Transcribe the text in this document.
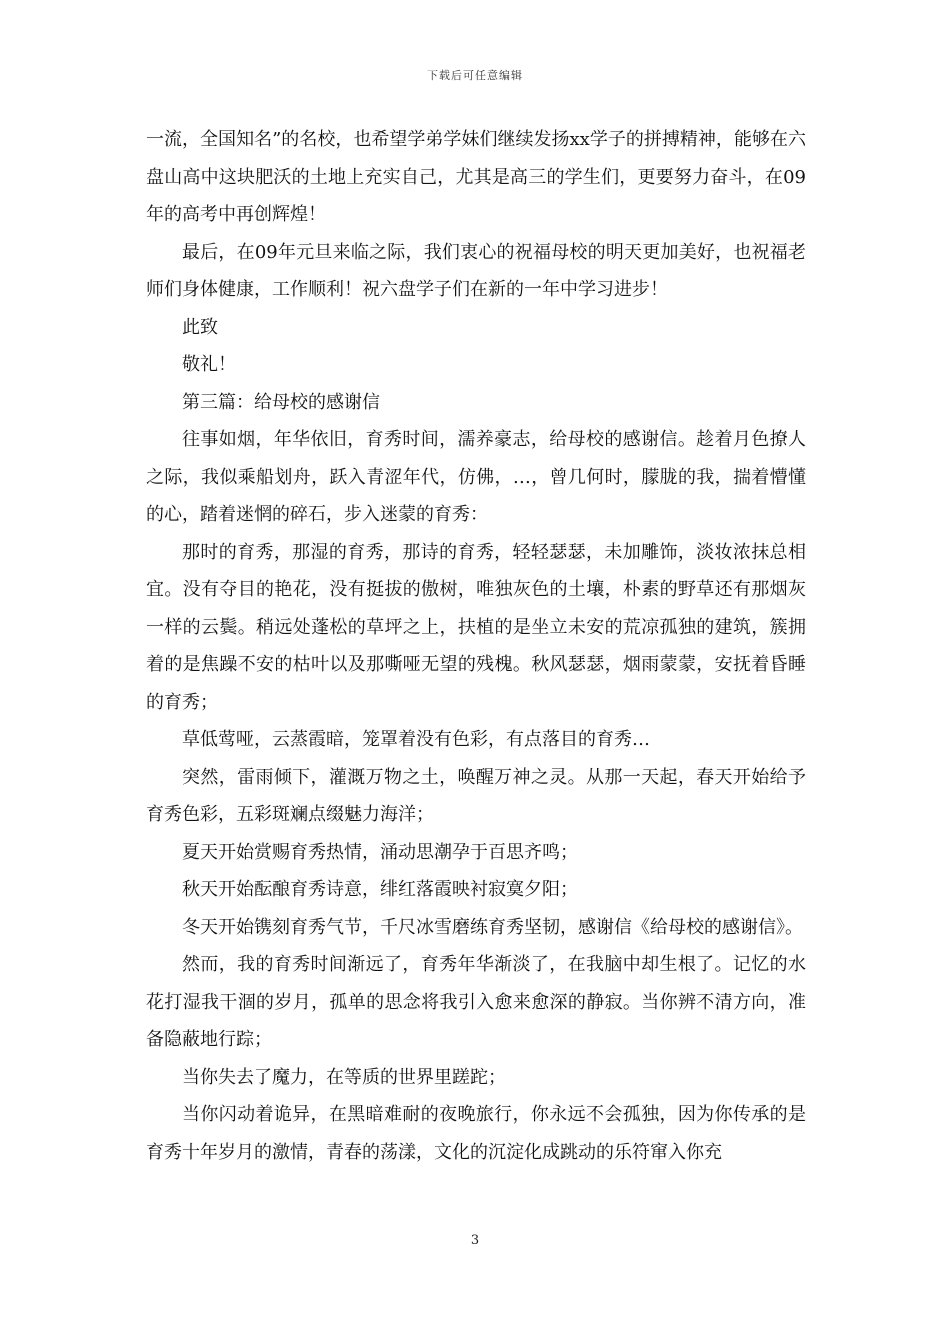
下载后可任意编辑

一流，全国知名”的名校，也希望学弟学妹们继续发扬xx学子的拼搏精神，能够在六盘山高中这块肥沃的土地上充实自己，尤其是高三的学生们，更要努力奋斗，在09年的高考中再创辉煌！

最后，在09年元旦来临之际，我们衷心的祝福母校的明天更加美好，也祝福老师们身体健康，工作顺利！祝六盘学子们在新的一年中学习进步！

此致

敬礼！

第三篇：给母校的感谢信

往事如烟，年华依旧，育秀时间，濡养豪志，给母校的感谢信。趁着月色撩人之际，我似乘船划舟，跃入青涩年代，仿佛，…，曾几何时，朦胧的我，揣着懵懂的心，踏着迷惘的碎石，步入迷蒙的育秀：

那时的育秀，那湿的育秀，那诗的育秀，轻轻瑟瑟，未加雕饰，淡妆浓抹总相宜。没有夺目的艳花，没有挺拔的傲树，唯独灰色的土壤，朴素的野草还有那烟灰一样的云鬓。稍远处蓬松的草坪之上，扶植的是坐立未安的荒凉孤独的建筑，簇拥着的是焦躁不安的枯叶以及那嘶哑无望的残槐。秋风瑟瑟，烟雨蒙蒙，安抚着昏睡的育秀；

草低莺哑，云蒸霞暗，笼罩着没有色彩，有点落目的育秀…

突然，雷雨倾下，灌溉万物之土，唤醒万神之灵。从那一天起，春天开始给予育秀色彩，五彩斑斓点缀魅力海洋；

夏天开始赏赐育秀热情，涌动思潮孕于百思齐鸣；

秋天开始酝酿育秀诗意，绯红落霞映衬寂寞夕阳；

冬天开始镌刻育秀气节，千尺冰雪磨练育秀坚韧，感谢信《给母校的感谢信》。

然而，我的育秀时间渐远了，育秀年华渐淡了，在我脑中却生根了。记忆的水花打湿我干涸的岁月，孤单的思念将我引入愈来愈深的静寂。当你辨不清方向，准备隐蔽地行踪；

当你失去了魔力，在等质的世界里蹉跎；

当你闪动着诡异，在黑暗难耐的夜晚旅行，你永远不会孤独，因为你传承的是育秀十年岁月的激情，青春的荡漾，文化的沉淀化成跳动的乐符窜入你充

3
